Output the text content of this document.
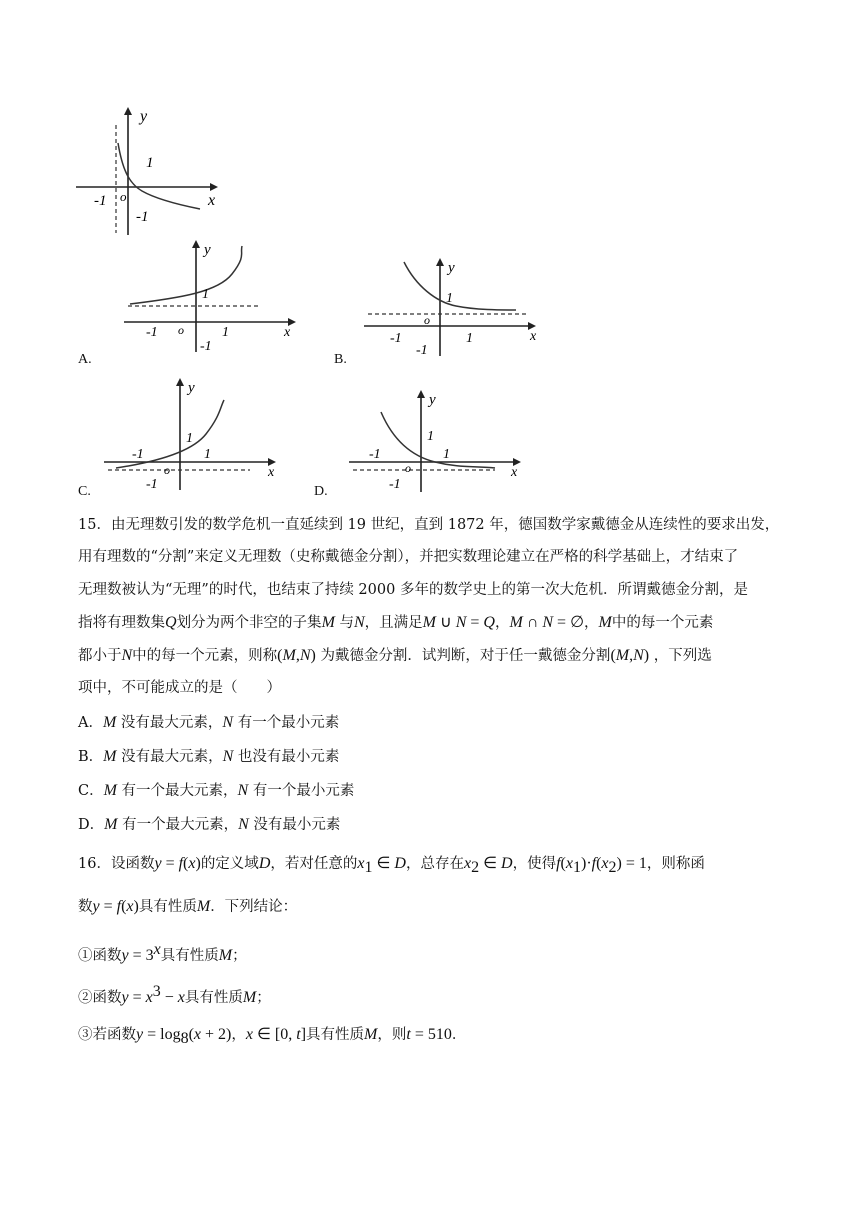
y
x
o
1
-1
-1
y
x
1
-1 o	1
-1
A.
y
x
1
-1
o
1
-1
B.
y
x
1
-1
o
1
-1
C.
y
x
1
-1
o
1
-1
D.
15．由无理数引发的数学危机一直延续到 19 世纪，直到 1872 年，德国数学家戴德金从连续性的要求出发，
用有理数的“分割”来定义无理数（史称戴德金分割），并把实数理论建立在严格的科学基础上，才结束了
无理数被认为“无理”的时代，也结束了持续 2000 多年的数学史上的第一次大危机．所谓戴德金分割，是
指将有理数集Q划分为两个非空的子集M 与N，且满足M ∪ N = Q，M ∩ N = ∅，M中的每一个元素
都小于N中的每一个元素，则称(M,N) 为戴德金分割．试判断，对于任一戴德金分割(M,N) ，下列选
项中，不可能成立的是（　　）
A．M 没有最大元素，N 有一个最小元素
B．M 没有最大元素，N 也没有最小元素
C．M 有一个最大元素，N 有一个最小元素
D．M 有一个最大元素，N 没有最小元素
16．设函数y = f(x)的定义域D，若对任意的$x_1$ ∈ D，总存在$x_2$ ∈ D，使得$f(x_1)\cdot f(x_2) = 1$，则称函
数y = f(x)具有性质M．下列结论：
①函数$y = 3^x$具有性质M；
②函数$y = x^3 - x$具有性质M；
③若函数$y = \log_8(x + 2)$，x ∈ [0, t]具有性质M，则t = 510．
